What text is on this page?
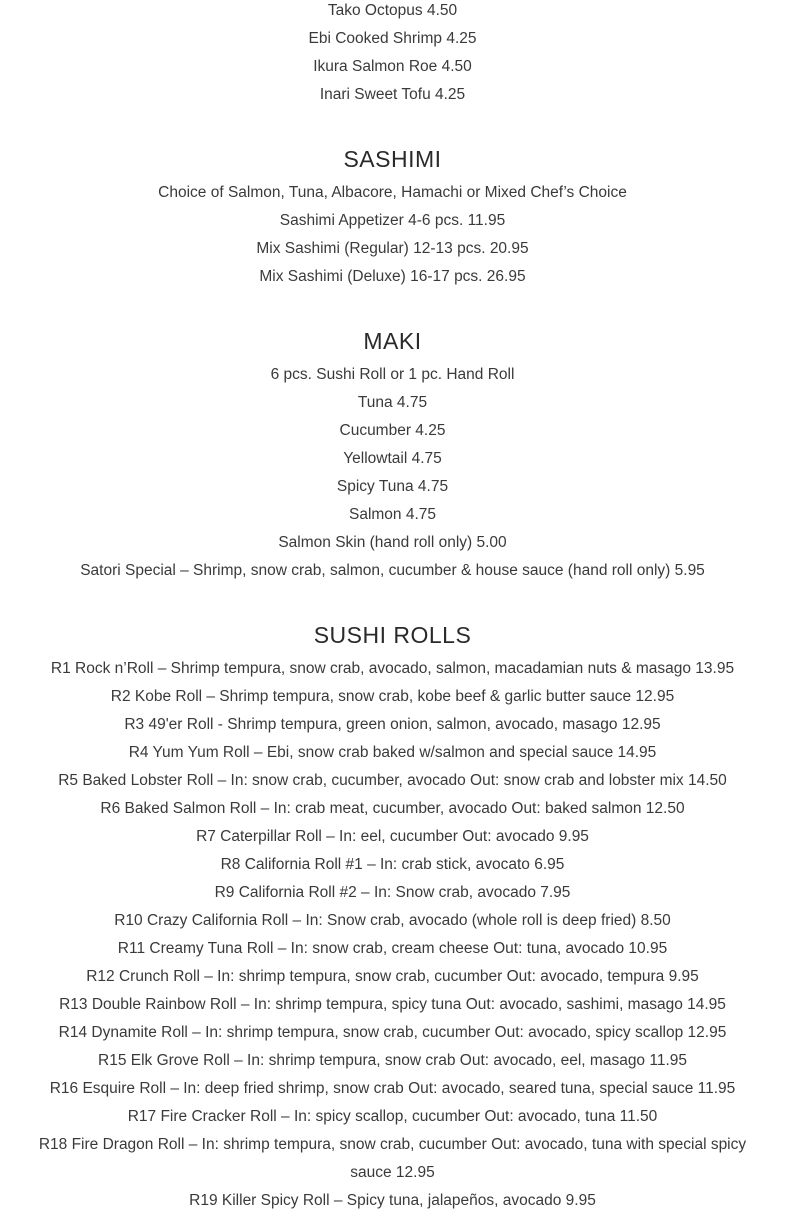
Tako Octopus 4.50
Ebi Cooked Shrimp 4.25
Ikura Salmon Roe 4.50
Inari Sweet Tofu 4.25
SASHIMI
Choice of Salmon, Tuna, Albacore, Hamachi or Mixed Chef’s Choice
Sashimi Appetizer 4-6 pcs. 11.95
Mix Sashimi (Regular) 12-13 pcs. 20.95
Mix Sashimi (Deluxe) 16-17 pcs. 26.95
MAKI
6 pcs. Sushi Roll or 1 pc. Hand Roll
Tuna 4.75
Cucumber 4.25
Yellowtail 4.75
Spicy Tuna 4.75
Salmon 4.75
Salmon Skin (hand roll only) 5.00
Satori Special – Shrimp, snow crab, salmon, cucumber & house sauce (hand roll only) 5.95
SUSHI ROLLS
R1 Rock n’Roll – Shrimp tempura, snow crab, avocado, salmon, macadamian nuts & masago 13.95
R2 Kobe Roll – Shrimp tempura, snow crab, kobe beef & garlic butter sauce 12.95
R3 49'er Roll - Shrimp tempura, green onion, salmon, avocado, masago 12.95
R4 Yum Yum Roll – Ebi, snow crab baked w/salmon and special sauce 14.95
R5 Baked Lobster Roll – In: snow crab, cucumber, avocado Out: snow crab and lobster mix 14.50
R6 Baked Salmon Roll – In: crab meat, cucumber, avocado Out: baked salmon 12.50
R7 Caterpillar Roll – In: eel, cucumber Out: avocado 9.95
R8 California Roll #1 – In: crab stick, avocato 6.95
R9 California Roll #2 – In: Snow crab, avocado 7.95
R10 Crazy California Roll – In: Snow crab, avocado (whole roll is deep fried) 8.50
R11 Creamy Tuna Roll – In: snow crab, cream cheese Out: tuna, avocado 10.95
R12 Crunch Roll – In: shrimp tempura, snow crab, cucumber Out: avocado, tempura 9.95
R13 Double Rainbow Roll – In: shrimp tempura, spicy tuna Out: avocado, sashimi, masago 14.95
R14 Dynamite Roll – In: shrimp tempura, snow crab, cucumber Out: avocado, spicy scallop 12.95
R15 Elk Grove Roll – In: shrimp tempura, snow crab Out: avocado, eel, masago 11.95
R16 Esquire Roll – In: deep fried shrimp, snow crab Out: avocado, seared tuna, special sauce 11.95
R17 Fire Cracker Roll – In: spicy scallop, cucumber Out: avocado, tuna 11.50
R18 Fire Dragon Roll – In: shrimp tempura, snow crab, cucumber Out: avocado, tuna with special spicy sauce 12.95
R19 Killer Spicy Roll – Spicy tuna, jalapeños, avocado 9.95
